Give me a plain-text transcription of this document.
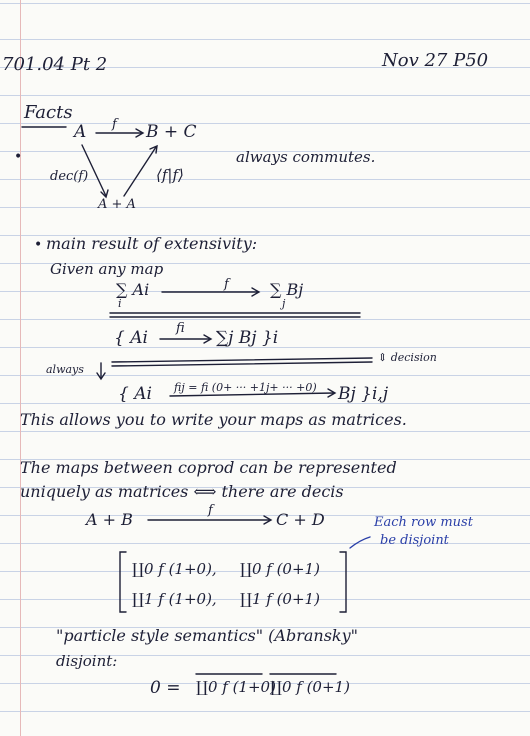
701.04 Pt 2	Nov 27 P50
Facts
•
A f B + C
dec(f)	⟨f|f⟩
A + A
always commutes.
• main result of extensivity:
Given any map
∑ Ai
i
f	∑ Bj
j
{ Ai fi ∑j Bj }i
always
⇕ decision
{ Ai fij = fi (0+ ··· +1j+ ··· +0) Bj }i,j
This allows you to write your maps as matrices.
The maps between coprod can be represented
uniquely as matrices ⟺ there are decis
A + B	f	C + D	Each row must
be disjoint
∐0 f (1+0), ∐0 f (0+1)
∐1 f (1+0), ∐1 f (0+1)
"particle style semantics" (Abransky"
disjoint:
0 = ∐0 f (1+0)
∐0 f (0+1)
